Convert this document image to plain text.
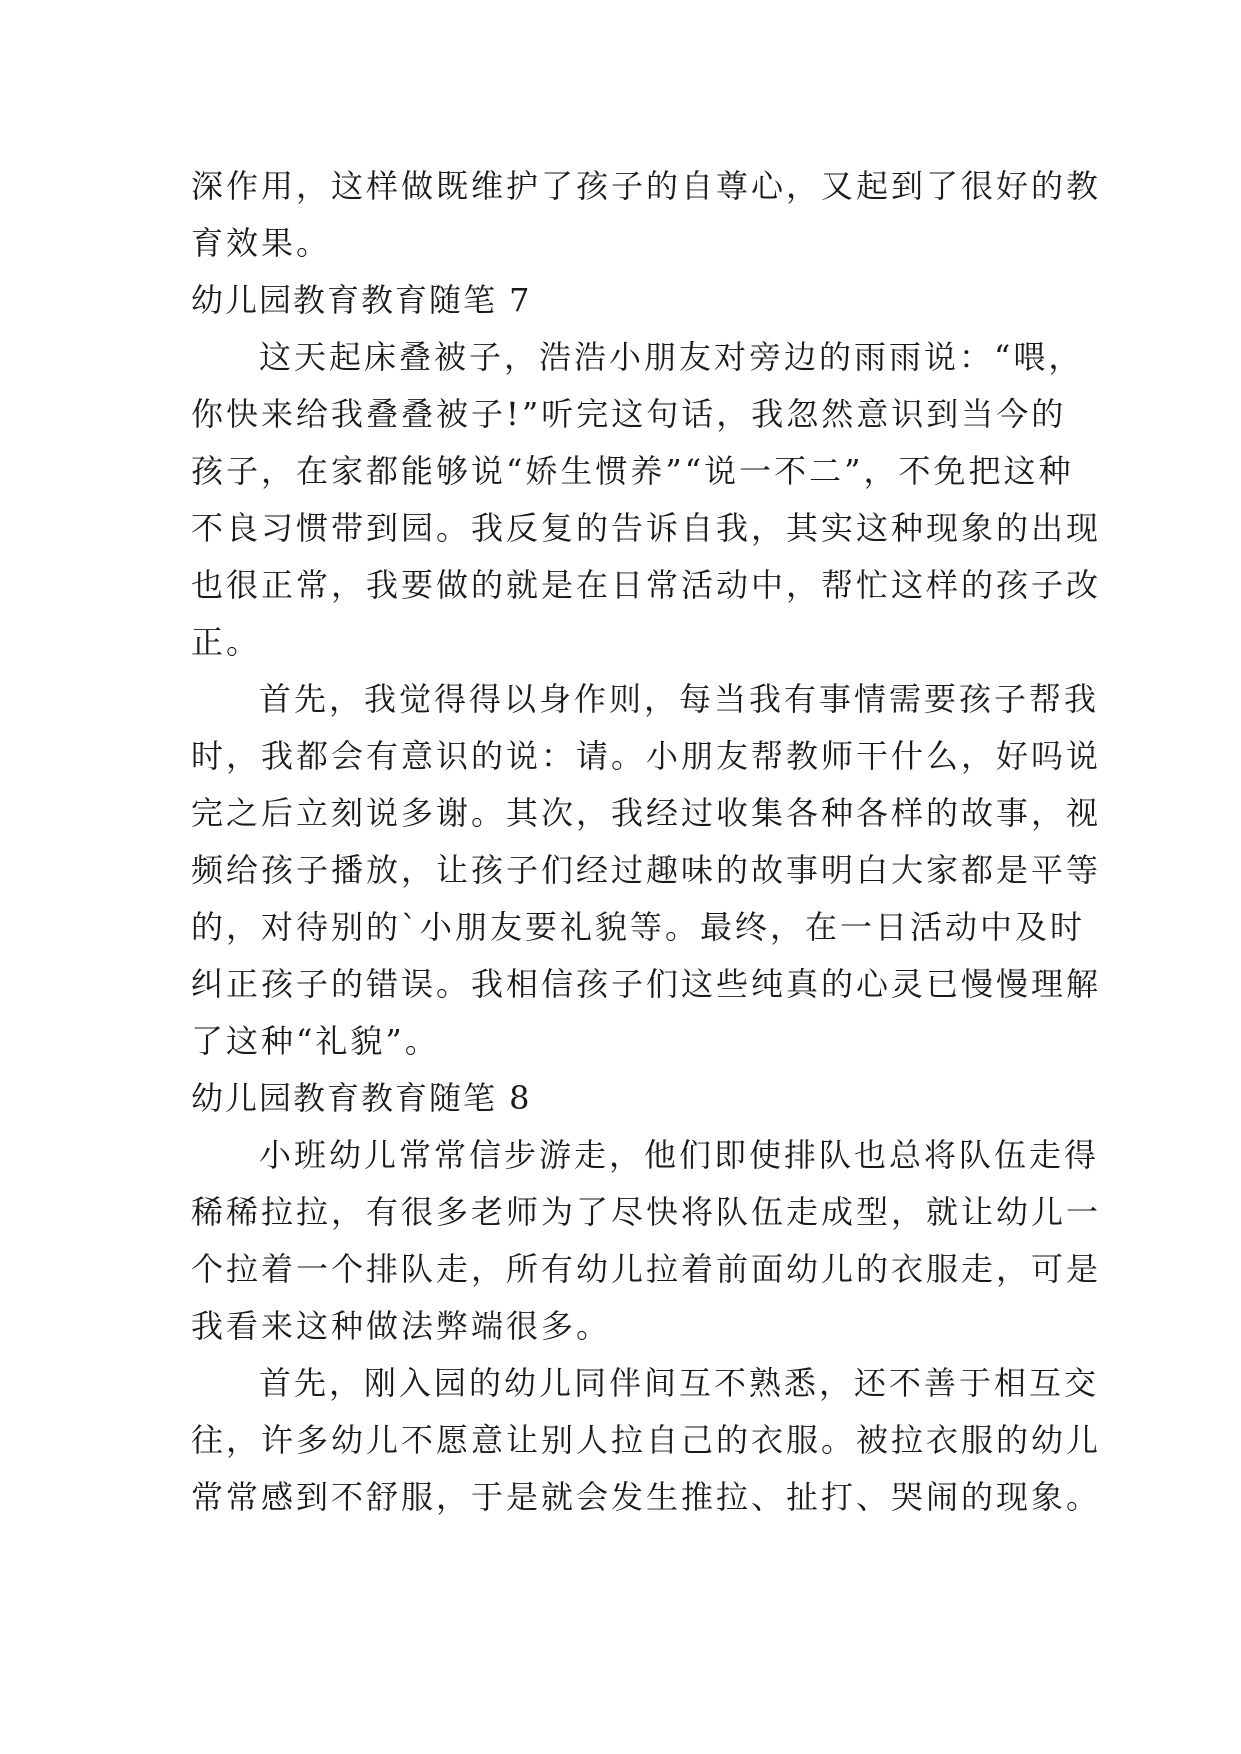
深作用，这样做既维护了孩子的自尊心，又起到了很好的教
育效果。
幼儿园教育教育随笔 7
这天起床叠被子，浩浩小朋友对旁边的雨雨说：“喂，
你快来给我叠叠被子!”听完这句话，我忽然意识到当今的
孩子，在家都能够说“娇生惯养”“说一不二”，不免把这种
不良习惯带到园。我反复的告诉自我，其实这种现象的出现
也很正常，我要做的就是在日常活动中，帮忙这样的孩子改
正。
首先，我觉得得以身作则，每当我有事情需要孩子帮我
时，我都会有意识的说：请。小朋友帮教师干什么，好吗说
完之后立刻说多谢。其次，我经过收集各种各样的故事，视
频给孩子播放，让孩子们经过趣味的故事明白大家都是平等
的，对待别的`小朋友要礼貌等。最终，在一日活动中及时
纠正孩子的错误。我相信孩子们这些纯真的心灵已慢慢理解
了这种“礼貌”。
幼儿园教育教育随笔 8
小班幼儿常常信步游走，他们即使排队也总将队伍走得
稀稀拉拉，有很多老师为了尽快将队伍走成型，就让幼儿一
个拉着一个排队走，所有幼儿拉着前面幼儿的衣服走，可是
我看来这种做法弊端很多。
首先，刚入园的幼儿同伴间互不熟悉，还不善于相互交
往，许多幼儿不愿意让别人拉自己的衣服。被拉衣服的幼儿
常常感到不舒服，于是就会发生推拉、扯打、哭闹的现象。
